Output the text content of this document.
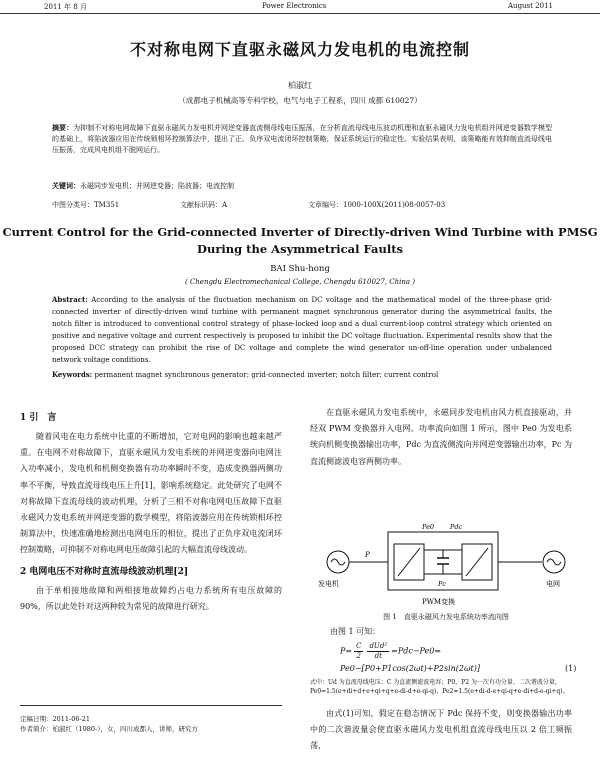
2011 年 8 月	Power Electronics	August 2011
不对称电网下直驱永磁风力发电机的电流控制
柏淑红
（成都电子机械高等专科学校，电气与电子工程系，四川 成都 610027）
摘要：为抑制不对称电网故障下直驱永磁风力发电机并网逆变器直流侧母线电压振荡，在分析直流母线电压波动机理和直驱永磁风力发电机组并网逆变器数学模型的基础上，将陷波器应用在传统锁相环控制算法中，提出了正、负序双电流闭环控制策略，保证系统运行的稳定性。实验结果表明，该策略能有效抑制直流母线电压振荡，完成风电机组不脱网运行。
关键词：永磁同步发电机；并网逆变器；陷波器；电流控制
中图分类号：TM351	文献标识码：A	文章编号：1000-100X(2011)08-0057-03
Current Control for the Grid-connected Inverter of Directly-driven Wind Turbine with PMSG During the Asymmetrical Faults
BAI Shu-hong
( Chengdu Electromechanical College, Chengdu 610027, China )
Abstract: According to the analysis of the fluctuation mechanism on DC voltage and the mathematical model of the three-phase grid-connected inverter of directly-driven wind turbine with permanent magnet synchronous generator during the asymmetrical faults, the notch filter is introduced to conventional control strategy of phase-locked loop and a dual current-loop control strategy which oriented on positive and negative voltage and current respectively is proposed to inhibit the DC voltage fluctuation. Experimental results show that the proposed DCC strategy can prohibit the rise of DC voltage and complete the wind generator un-off-line operation under unbalanced network voltage conditions.
Keywords: permanent magnet synchronous generator; grid-connected inverter; notch filter; current control
1 引　言
随着风电在电力系统中比重的不断增加，它对电网的影响也越来越严重。在电网不对称故障下，直驱永磁风力发电系统的并网逆变器向电网注入功率减小，发电机和机侧变换器有功功率瞬时不变，造成变换器两侧功率不平衡，导致直流母线电压上升[1]，影响系统稳定。此处研究了电网不对称故障下直流母线的波动机理，分析了三相不对称电网电压故障下直驱永磁风力发电系统并网逆变器的数学模型，将陷波器应用在传统锁相环控制算法中，快速准确地检测出电网电压的相位，提出了正负序双电流闭环控制策略，可抑制不对称电网电压故障引起的大幅直流母线波动。
2 电网电压不对称时直流母线波动机理[2]
由于单相接地故障和两相接地故障约占电力系统所有电压故障的 90%，所以此处针对这两种较为常见的故障进行研究。
定稿日期：2011-06-21
作者简介：柏淑红（1980-），女，四川成都人，讲师，研究方
在直驱永磁风力发电系统中，永磁同步发电机由风力机直接驱动，并经双 PWM 变换器并入电网。功率流向如图 1 所示，图中 Pe0 为发电系统向机侧变换器输出功率，Pdc 为直流侧流向并网逆变器输出功率，Pc 为直流侧滤波电容两侧功率。
发电机
P
Pe0 Pdc
Pc
PWM变换
电网
图 1　直驱永磁风力发电系统功率流向图
由图 1 可知：
P=
C
$2 \frac{\text{dUd²}}{dt} =Pdc-Pe0=$
Pe0−[P0+P1cos(2ωt)+P2sin(2ωt)]	(1)
式中：Ud 为直流母线电压；C 为直流侧滤波电容；P0，P2 为一次有功分量、二次谐波分量，Pe0=1.5(e+di+d+e+qi+q+e-di-d+e-qi-q)，Pe2=1.5(e+di-d-e+qi-q+e-di+d-e-qi+q)。
由式(1)可知，假定在稳态情况下 Pdc 保持不变，则变换器输出功率中的二次谐波量会使直驱永磁风力发电机组直流母线电压以 2 倍工频振荡，
